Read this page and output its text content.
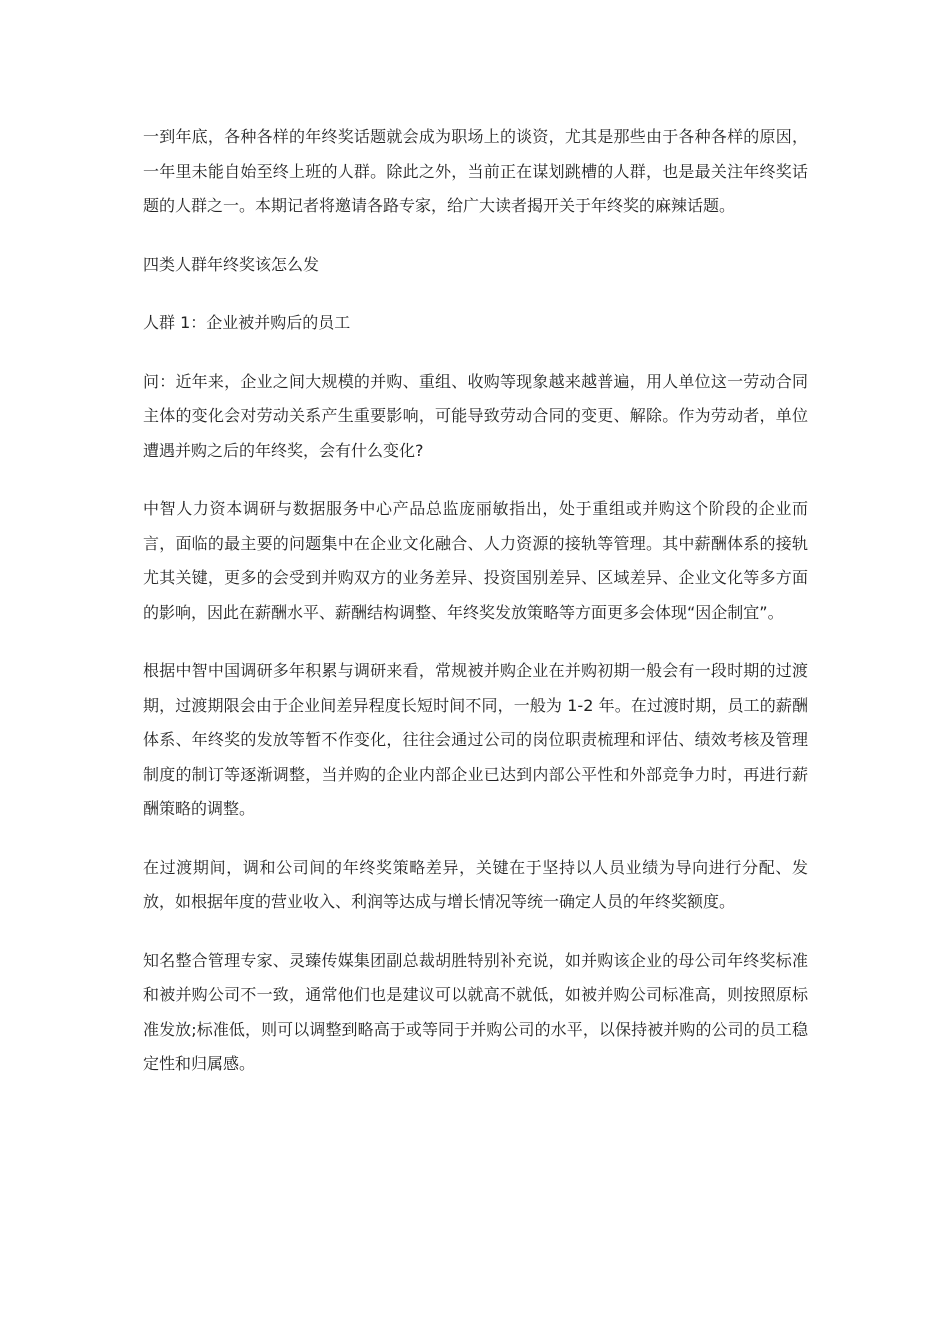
一到年底，各种各样的年终奖话题就会成为职场上的谈资，尤其是那些由于各种各样的原因，一年里未能自始至终上班的人群。除此之外，当前正在谋划跳槽的人群，也是最关注年终奖话题的人群之一。本期记者将邀请各路专家，给广大读者揭开关于年终奖的麻辣话题。

四类人群年终奖该怎么发

人群 1：企业被并购后的员工

问：近年来，企业之间大规模的并购、重组、收购等现象越来越普遍，用人单位这一劳动合同主体的变化会对劳动关系产生重要影响，可能导致劳动合同的变更、解除。作为劳动者，单位遭遇并购之后的年终奖，会有什么变化?

中智人力资本调研与数据服务中心产品总监庞丽敏指出，处于重组或并购这个阶段的企业而言，面临的最主要的问题集中在企业文化融合、人力资源的接轨等管理。其中薪酬体系的接轨尤其关键，更多的会受到并购双方的业务差异、投资国别差异、区域差异、企业文化等多方面的影响，因此在薪酬水平、薪酬结构调整、年终奖发放策略等方面更多会体现“因企制宜”。

根据中智中国调研多年积累与调研来看，常规被并购企业在并购初期一般会有一段时期的过渡期，过渡期限会由于企业间差异程度长短时间不同，一般为 1-2 年。在过渡时期，员工的薪酬体系、年终奖的发放等暂不作变化，往往会通过公司的岗位职责梳理和评估、绩效考核及管理制度的制订等逐渐调整，当并购的企业内部企业已达到内部公平性和外部竞争力时，再进行薪酬策略的调整。

在过渡期间，调和公司间的年终奖策略差异，关键在于坚持以人员业绩为导向进行分配、发放，如根据年度的营业收入、利润等达成与增长情况等统一确定人员的年终奖额度。

知名整合管理专家、灵臻传媒集团副总裁胡胜特别补充说，如并购该企业的母公司年终奖标准和被并购公司不一致，通常他们也是建议可以就高不就低，如被并购公司标准高，则按照原标准发放;标准低，则可以调整到略高于或等同于并购公司的水平，以保持被并购的公司的员工稳定性和归属感。
